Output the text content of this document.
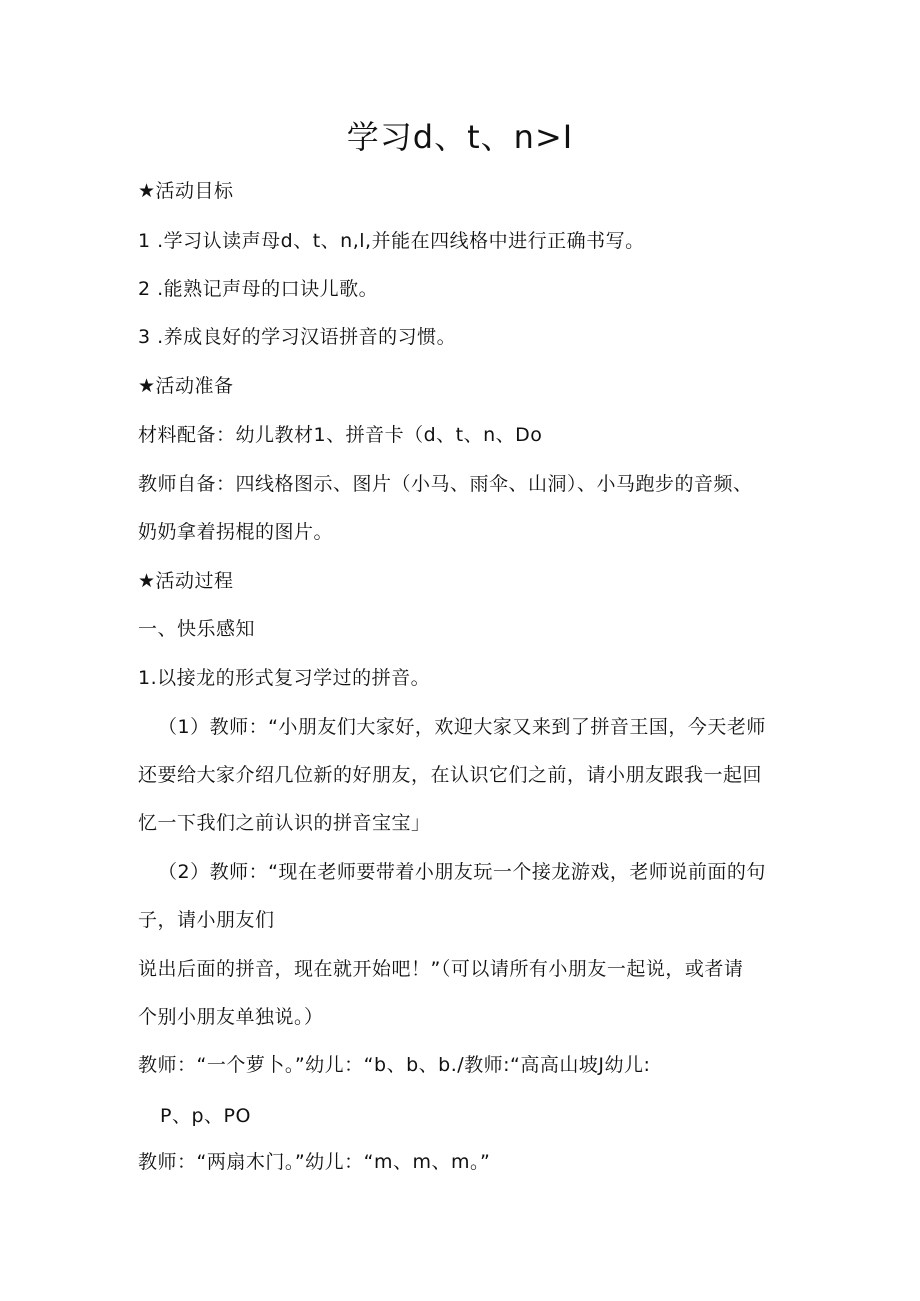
学习d、t、n>I
★活动目标
1 .学习认读声母d、t、n,l,并能在四线格中进行正确书写。
2 .能熟记声母的口诀儿歌。
3 .养成良好的学习汉语拼音的习惯。
★活动准备
材料配备：幼儿教材1、拼音卡（d、t、n、Do
教师自备：四线格图示、图片（小马、雨伞、山洞）、小马跑步的音频、
奶奶拿着拐棍的图片。
★活动过程
一、快乐感知
1.以接龙的形式复习学过的拼音。
（1）教师：“小朋友们大家好，欢迎大家又来到了拼音王国，今天老师
还要给大家介绍几位新的好朋友，在认识它们之前，请小朋友跟我一起回
忆一下我们之前认识的拼音宝宝」
（2）教师：“现在老师要带着小朋友玩一个接龙游戏，老师说前面的句
子，请小朋友们
说出后面的拼音，现在就开始吧！”（可以请所有小朋友一起说，或者请
个别小朋友单独说。）
教师：“一个萝卜。”幼儿：“b、b、b.∕教师:“高高山坡J幼儿:
P、p、PO
教师：“两扇木门。”幼儿：“m、m、m。”
